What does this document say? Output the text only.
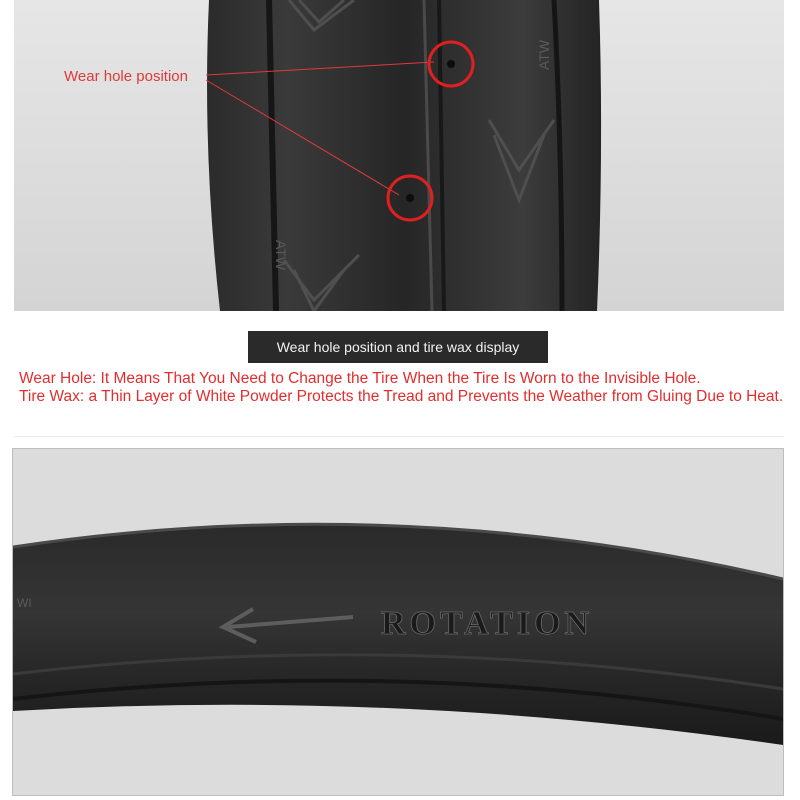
ATW
ATW
Wear hole position
Wear hole position and tire wax display

Wear Hole: It Means That You Need to Change the Tire When the Tire Is Worn to the Invisible Hole.

Tire Wax: a Thin Layer of White Powder Protects the Tread and Prevents the Weather from Gluing Due to Heat.

ROTATION
WI
